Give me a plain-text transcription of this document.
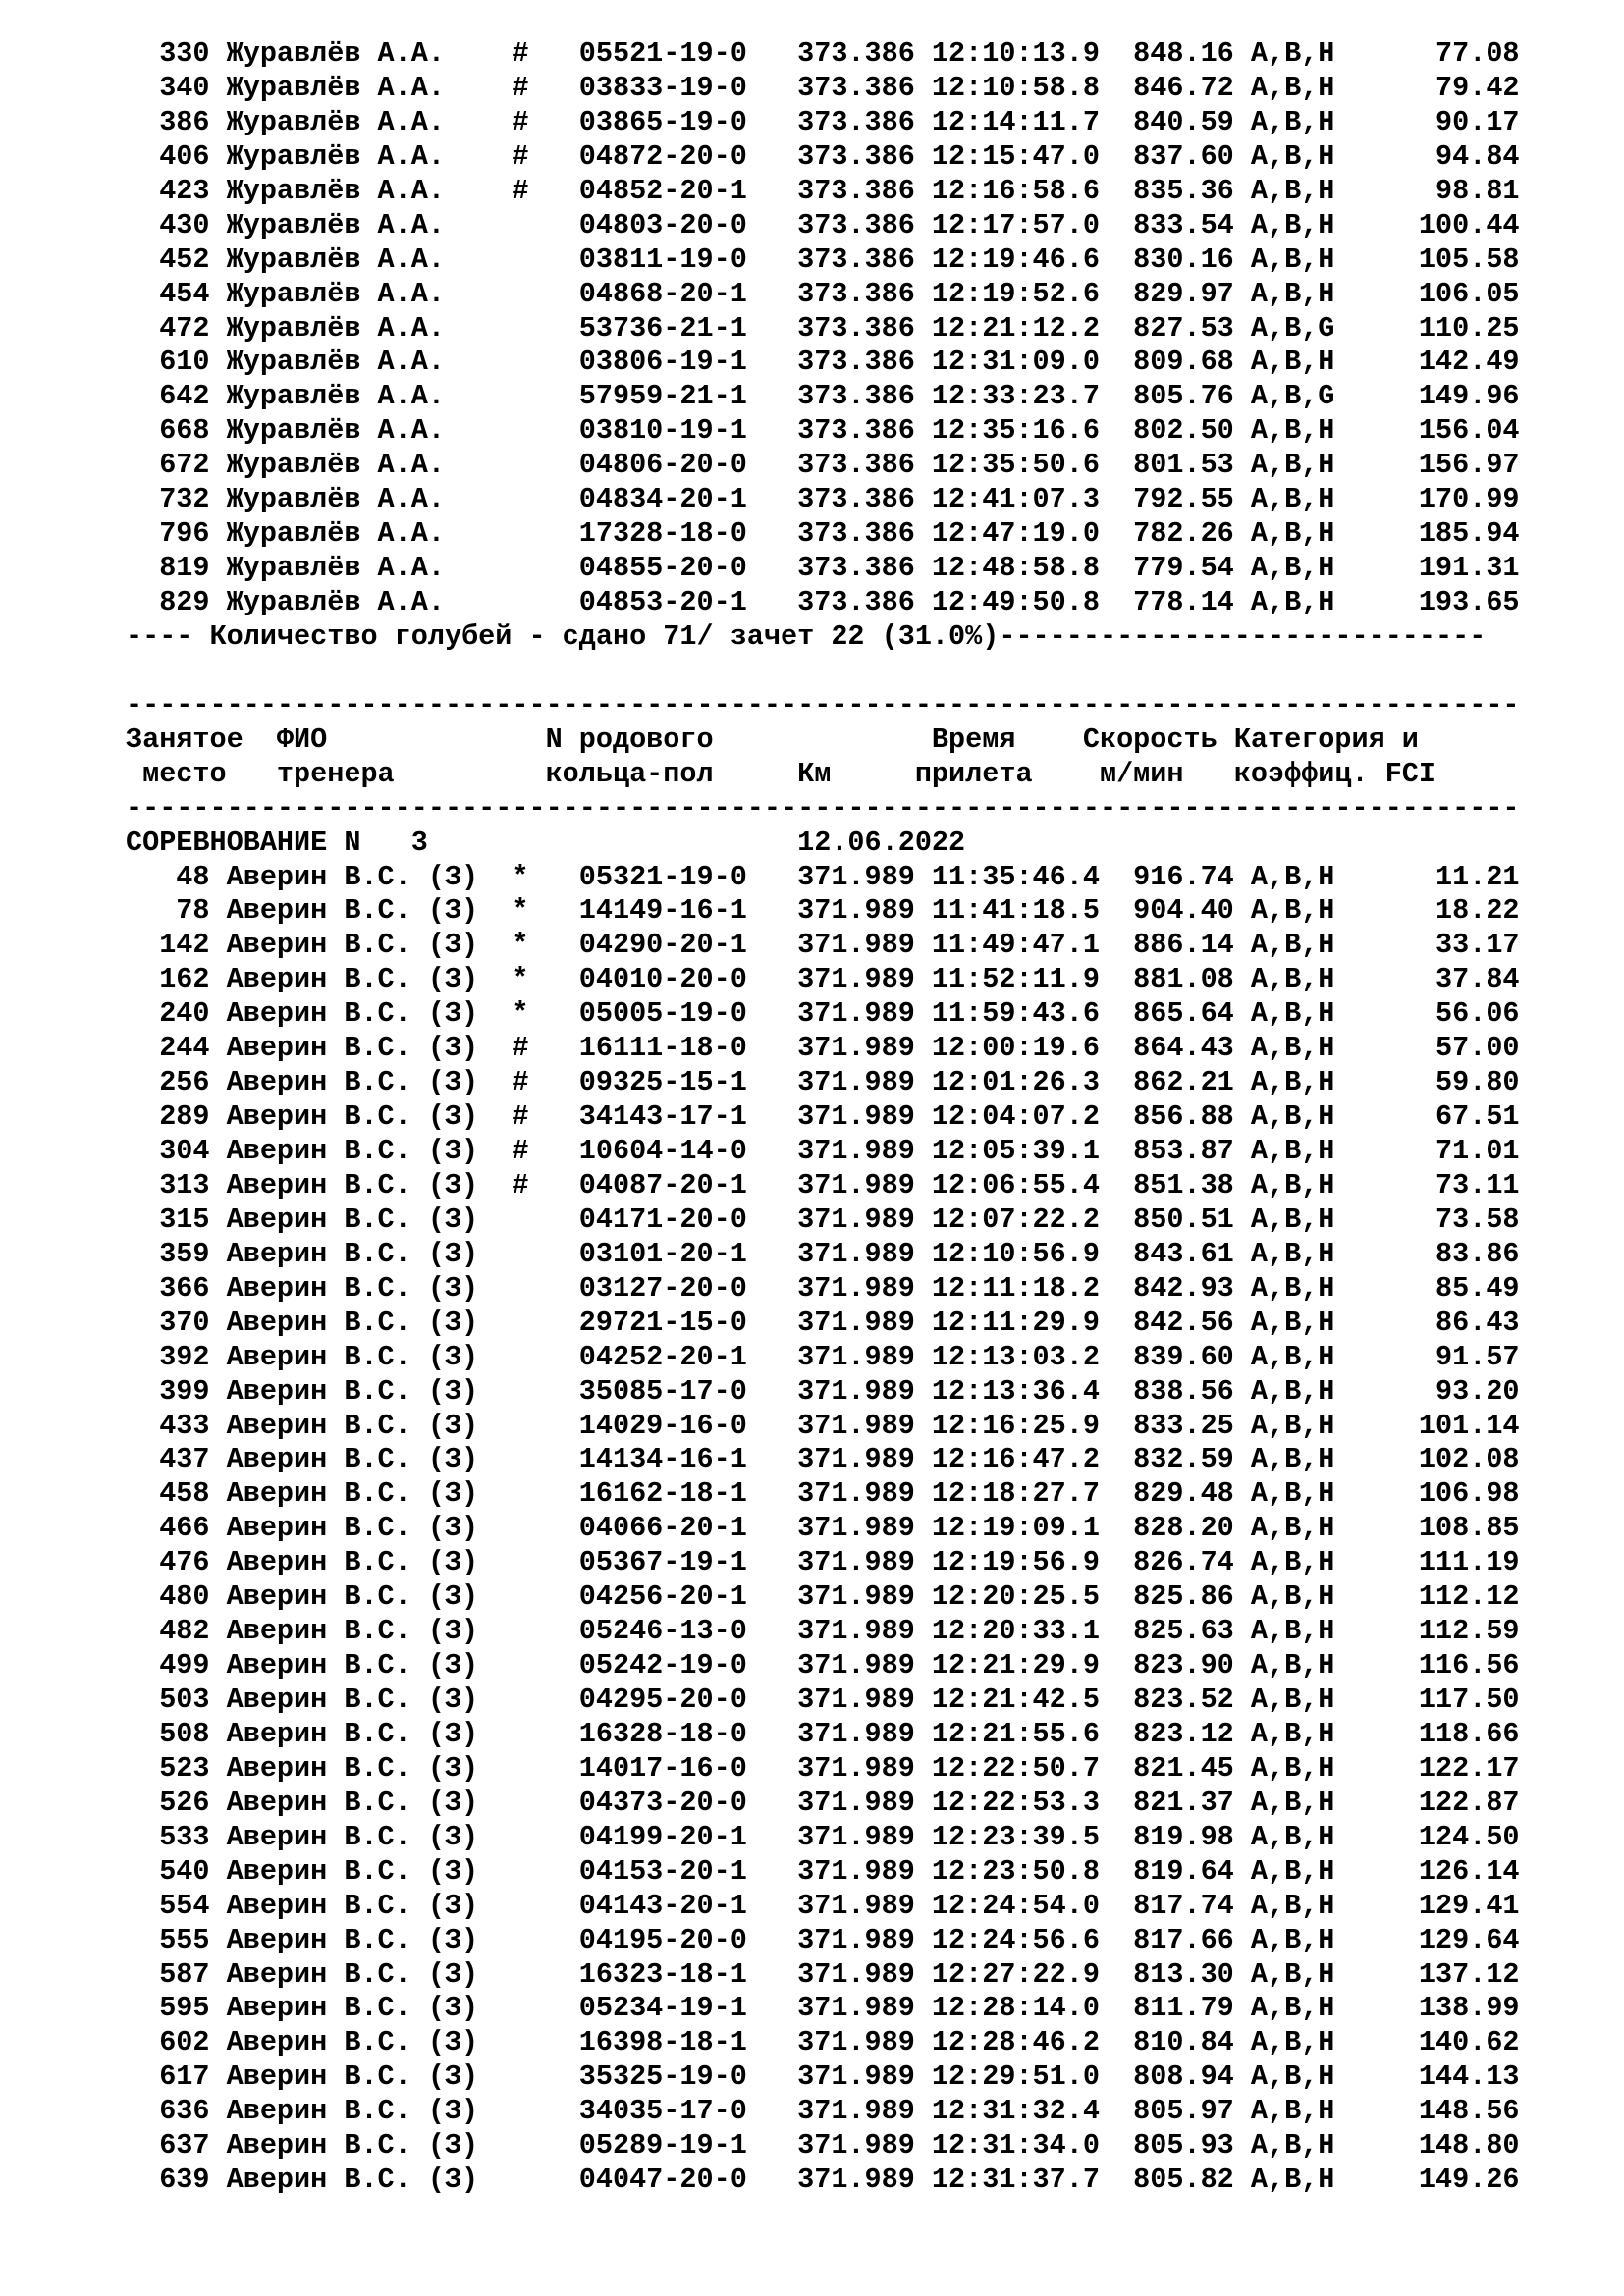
330 Журавлёв А.А.    #   05521-19-0   373.386 12:10:13.9  848.16 A,B,H      77.08
340 Журавлёв А.А.    #   03833-19-0   373.386 12:10:58.8  846.72 A,B,H      79.42
386 Журавлёв А.А.    #   03865-19-0   373.386 12:14:11.7  840.59 A,B,H      90.17
406 Журавлёв А.А.    #   04872-20-0   373.386 12:15:47.0  837.60 A,B,H      94.84
423 Журавлёв А.А.    #   04852-20-1   373.386 12:16:58.6  835.36 A,B,H      98.81
430 Журавлёв А.А.        04803-20-0   373.386 12:17:57.0  833.54 A,B,H     100.44
452 Журавлёв А.А.        03811-19-0   373.386 12:19:46.6  830.16 A,B,H     105.58
454 Журавлёв А.А.        04868-20-1   373.386 12:19:52.6  829.97 A,B,H     106.05
472 Журавлёв А.А.        53736-21-1   373.386 12:21:12.2  827.53 A,B,G     110.25
610 Журавлёв А.А.        03806-19-1   373.386 12:31:09.0  809.68 A,B,H     142.49
642 Журавлёв А.А.        57959-21-1   373.386 12:33:23.7  805.76 A,B,G     149.96
668 Журавлёв А.А.        03810-19-1   373.386 12:35:16.6  802.50 A,B,H     156.04
672 Журавлёв А.А.        04806-20-0   373.386 12:35:50.6  801.53 A,B,H     156.97
732 Журавлёв А.А.        04834-20-1   373.386 12:41:07.3  792.55 A,B,H     170.99
796 Журавлёв А.А.        17328-18-0   373.386 12:47:19.0  782.26 A,B,H     185.94
819 Журавлёв А.А.        04855-20-0   373.386 12:48:58.8  779.54 A,B,H     191.31
829 Журавлёв А.А.        04853-20-1   373.386 12:49:50.8  778.14 A,B,H     193.65
---- Количество голубей - сдано 71/ зачет 22 (31.0%)-----------------------------
-----------------------------------------------------------------------------------
Занятое  ФИО             N родового             Время    Скорость Категория и
место   тренера         кольца-пол     Км     прилета    м/мин   коэффиц. FCI
-----------------------------------------------------------------------------------
СОРЕВНОВАНИЕ N   3                      12.06.2022
48 Аверин В.С. (З)  *   05321-19-0   371.989 11:35:46.4  916.74 A,B,H      11.21
78 Аверин В.С. (З)  *   14149-16-1   371.989 11:41:18.5  904.40 A,B,H      18.22
142 Аверин В.С. (З)  *   04290-20-1   371.989 11:49:47.1  886.14 A,B,H      33.17
162 Аверин В.С. (З)  *   04010-20-0   371.989 11:52:11.9  881.08 A,B,H      37.84
240 Аверин В.С. (З)  *   05005-19-0   371.989 11:59:43.6  865.64 A,B,H      56.06
244 Аверин В.С. (З)  #   16111-18-0   371.989 12:00:19.6  864.43 A,B,H      57.00
256 Аверин В.С. (З)  #   09325-15-1   371.989 12:01:26.3  862.21 A,B,H      59.80
289 Аверин В.С. (З)  #   34143-17-1   371.989 12:04:07.2  856.88 A,B,H      67.51
304 Аверин В.С. (З)  #   10604-14-0   371.989 12:05:39.1  853.87 A,B,H      71.01
313 Аверин В.С. (З)  #   04087-20-1   371.989 12:06:55.4  851.38 A,B,H      73.11
315 Аверин В.С. (З)      04171-20-0   371.989 12:07:22.2  850.51 A,B,H      73.58
359 Аверин В.С. (З)      03101-20-1   371.989 12:10:56.9  843.61 A,B,H      83.86
366 Аверин В.С. (З)      03127-20-0   371.989 12:11:18.2  842.93 A,B,H      85.49
370 Аверин В.С. (З)      29721-15-0   371.989 12:11:29.9  842.56 A,B,H      86.43
392 Аверин В.С. (З)      04252-20-1   371.989 12:13:03.2  839.60 A,B,H      91.57
399 Аверин В.С. (З)      35085-17-0   371.989 12:13:36.4  838.56 A,B,H      93.20
433 Аверин В.С. (З)      14029-16-0   371.989 12:16:25.9  833.25 A,B,H     101.14
437 Аверин В.С. (З)      14134-16-1   371.989 12:16:47.2  832.59 A,B,H     102.08
458 Аверин В.С. (З)      16162-18-1   371.989 12:18:27.7  829.48 A,B,H     106.98
466 Аверин В.С. (З)      04066-20-1   371.989 12:19:09.1  828.20 A,B,H     108.85
476 Аверин В.С. (З)      05367-19-1   371.989 12:19:56.9  826.74 A,B,H     111.19
480 Аверин В.С. (З)      04256-20-1   371.989 12:20:25.5  825.86 A,B,H     112.12
482 Аверин В.С. (З)      05246-13-0   371.989 12:20:33.1  825.63 A,B,H     112.59
499 Аверин В.С. (З)      05242-19-0   371.989 12:21:29.9  823.90 A,B,H     116.56
503 Аверин В.С. (З)      04295-20-0   371.989 12:21:42.5  823.52 A,B,H     117.50
508 Аверин В.С. (З)      16328-18-0   371.989 12:21:55.6  823.12 A,B,H     118.66
523 Аверин В.С. (З)      14017-16-0   371.989 12:22:50.7  821.45 A,B,H     122.17
526 Аверин В.С. (З)      04373-20-0   371.989 12:22:53.3  821.37 A,B,H     122.87
533 Аверин В.С. (З)      04199-20-1   371.989 12:23:39.5  819.98 A,B,H     124.50
540 Аверин В.С. (З)      04153-20-1   371.989 12:23:50.8  819.64 A,B,H     126.14
554 Аверин В.С. (З)      04143-20-1   371.989 12:24:54.0  817.74 A,B,H     129.41
555 Аверин В.С. (З)      04195-20-0   371.989 12:24:56.6  817.66 A,B,H     129.64
587 Аверин В.С. (З)      16323-18-1   371.989 12:27:22.9  813.30 A,B,H     137.12
595 Аверин В.С. (З)      05234-19-1   371.989 12:28:14.0  811.79 A,B,H     138.99
602 Аверин В.С. (З)      16398-18-1   371.989 12:28:46.2  810.84 A,B,H     140.62
617 Аверин В.С. (З)      35325-19-0   371.989 12:29:51.0  808.94 A,B,H     144.13
636 Аверин В.С. (З)      34035-17-0   371.989 12:31:32.4  805.97 A,B,H     148.56
637 Аверин В.С. (З)      05289-19-1   371.989 12:31:34.0  805.93 A,B,H     148.80
639 Аверин В.С. (З)      04047-20-0   371.989 12:31:37.7  805.82 A,B,H     149.26
